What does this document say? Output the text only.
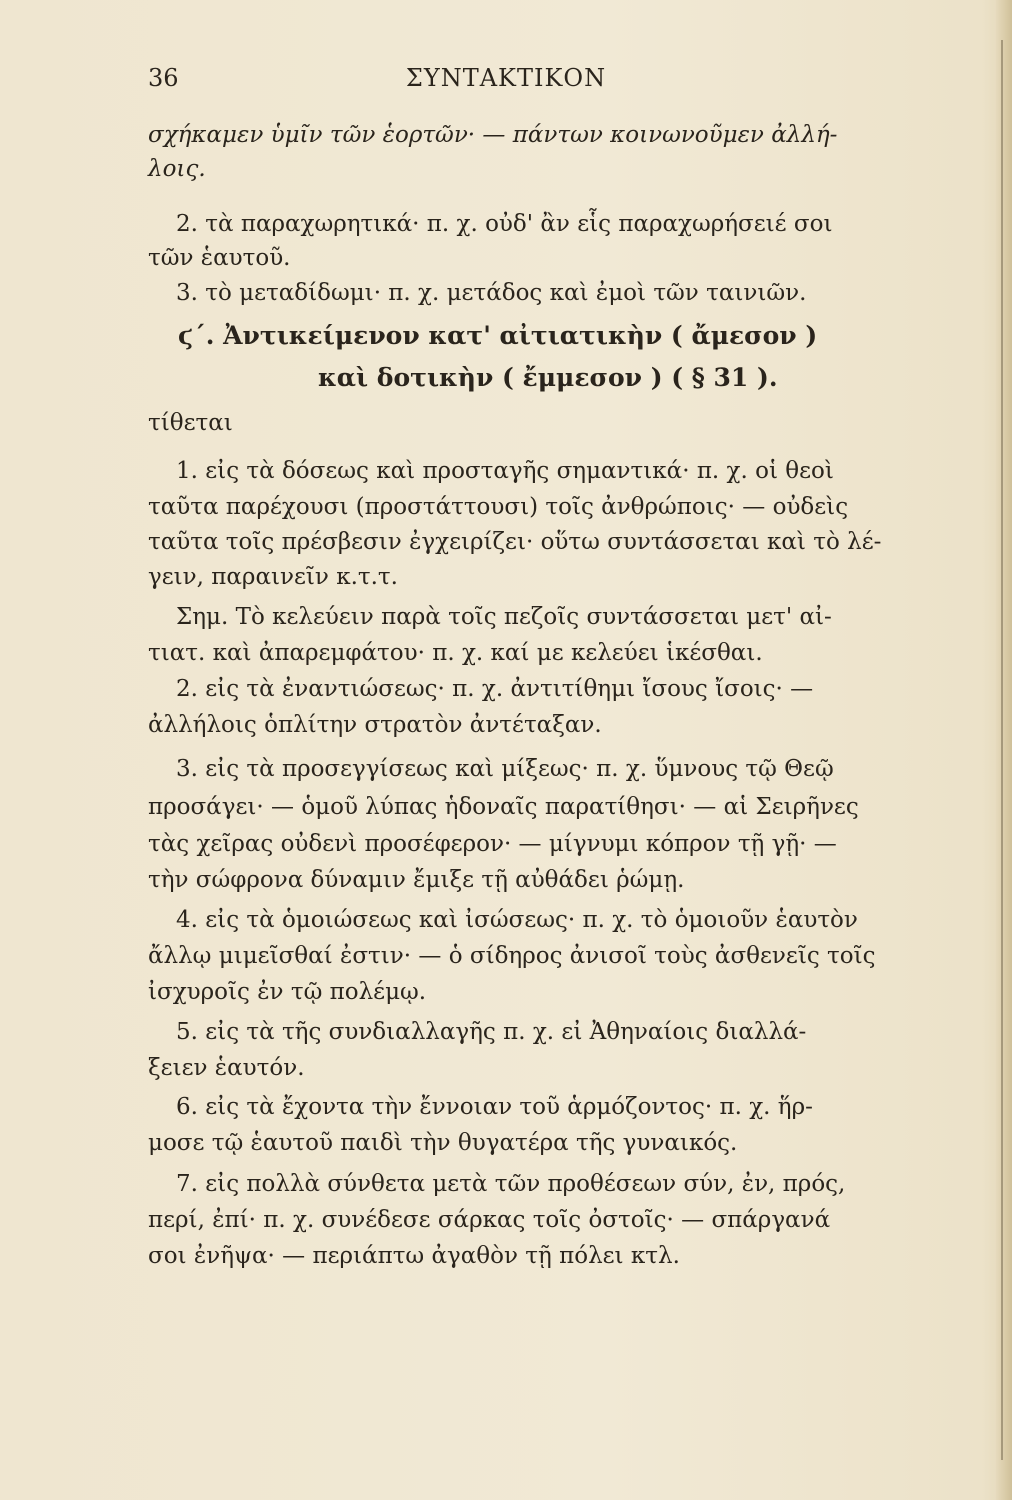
36	ΣΥΝΤΑΚΤΙΚΟΝ
σχήκαμεν ὑμῖν τῶν ἑορτῶν· — πάντων κοινωνοῦμεν ἀλλή-
λοις.
2. τὰ παραχωρητικά· π. χ. οὐδ' ἂν εἷς παραχωρήσειέ σοι
τῶν ἑαυτοῦ.
3. τὸ μεταδίδωμι· π. χ. μετάδος καὶ ἐμοὶ τῶν ταινιῶν.
ϛ΄. Ἀντικείμενον κατ' αἰτιατικὴν ( ἄμεσον )
καὶ δοτικὴν ( ἔμμεσον ) ( § 31 ).
τίθεται
1. εἰς τὰ δόσεως καὶ προσταγῆς σημαντικά· π. χ. οἱ θεοὶ
ταῦτα παρέχουσι (προστάττουσι) τοῖς ἀνθρώποις· — οὐδεὶς
ταῦτα τοῖς πρέσβεσιν ἐγχειρίζει· οὕτω συντάσσεται καὶ τὸ λέ-
γειν, παραινεῖν κ.τ.τ.
Σημ. Τὸ κελεύειν παρὰ τοῖς πεζοῖς συντάσσεται μετ' αἰ-
τιατ. καὶ ἀπαρεμφάτου· π. χ. καί με κελεύει ἱκέσθαι.
2. εἰς τὰ ἐναντιώσεως· π. χ. ἀντιτίθημι ἴσους ἴσοις· —
ἀλλήλοις ὁπλίτην στρατὸν ἀντέταξαν.
3. εἰς τὰ προσεγγίσεως καὶ μίξεως· π. χ. ὕμνους τῷ Θεῷ
προσάγει· — ὁμοῦ λύπας ἡδοναῖς παρατίθησι· — αἱ Σειρῆνες
τὰς χεῖρας οὐδενὶ προσέφερον· — μίγνυμι κόπρον τῇ γῇ· —
τὴν σώφρονα δύναμιν ἔμιξε τῇ αὐθάδει ῥώμῃ.
4. εἰς τὰ ὁμοιώσεως καὶ ἰσώσεως· π. χ. τὸ ὁμοιοῦν ἑαυτὸν
ἄλλῳ μιμεῖσθαί ἐστιν· — ὁ σίδηρος ἀνισοῖ τοὺς ἀσθενεῖς τοῖς
ἰσχυροῖς ἐν τῷ πολέμῳ.
5. εἰς τὰ τῆς συνδιαλλαγῆς π. χ. εἰ Ἀθηναίοις διαλλά-
ξειεν ἑαυτόν.
6. εἰς τὰ ἔχοντα τὴν ἔννοιαν τοῦ ἁρμόζοντος· π. χ. ἥρ-
μοσε τῷ ἑαυτοῦ παιδὶ τὴν θυγατέρα τῆς γυναικός.
7. εἰς πολλὰ σύνθετα μετὰ τῶν προθέσεων σύν, ἐν, πρός,
περί, ἐπί· π. χ. συνέδεσε σάρκας τοῖς ὀστοῖς· — σπάργανά
σοι ἐνῆψα· — περιάπτω ἀγαθὸν τῇ πόλει κτλ.
